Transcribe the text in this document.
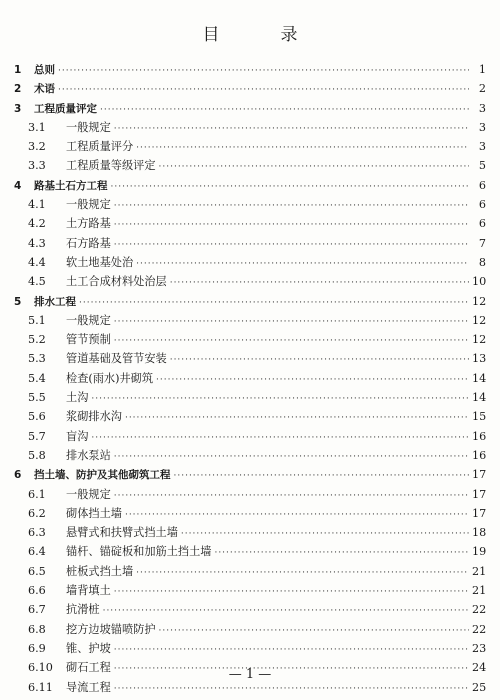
目　录
1	总则 ·····	1
2	术语 ·····	2
3	工程质量评定 ·····	3
3.1	一般规定 ·····	3
3.2	工程质量评分 ·····	3
3.3	工程质量等级评定 ·····	5
4	路基土石方工程 ·····	6
4.1	一般规定 ·····	6
4.2	土方路基 ·····	6
4.3	石方路基 ·····	7
4.4	软土地基处治 ·····	8
4.5	土工合成材料处治层 ·····	10
5	排水工程 ·····	12
5.1	一般规定 ·····	12
5.2	管节预制 ·····	12
5.3	管道基础及管节安装 ·····	13
5.4	检查(雨水)井砌筑 ·····	14
5.5	土沟 ·····	14
5.6	浆砌排水沟 ·····	15
5.7	盲沟 ·····	16
5.8	排水泵站 ·····	16
6	挡土墙、防护及其他砌筑工程 ·····	17
6.1	一般规定 ·····	17
6.2	砌体挡土墙 ·····	17
6.3	悬臂式和扶臂式挡土墙 ·····	18
6.4	锚杆、锚碇板和加筋土挡土墙 ·····	19
6.5	桩板式挡土墙 ·····	21
6.6	墙背填土 ·····	21
6.7	抗滑桩 ·····	22
6.8	挖方边坡锚喷防护 ·····	22
6.9	锥、护坡 ·····	23
6.10	砌石工程 ·····	24
6.11	导流工程 ·····	25
— 1 —
